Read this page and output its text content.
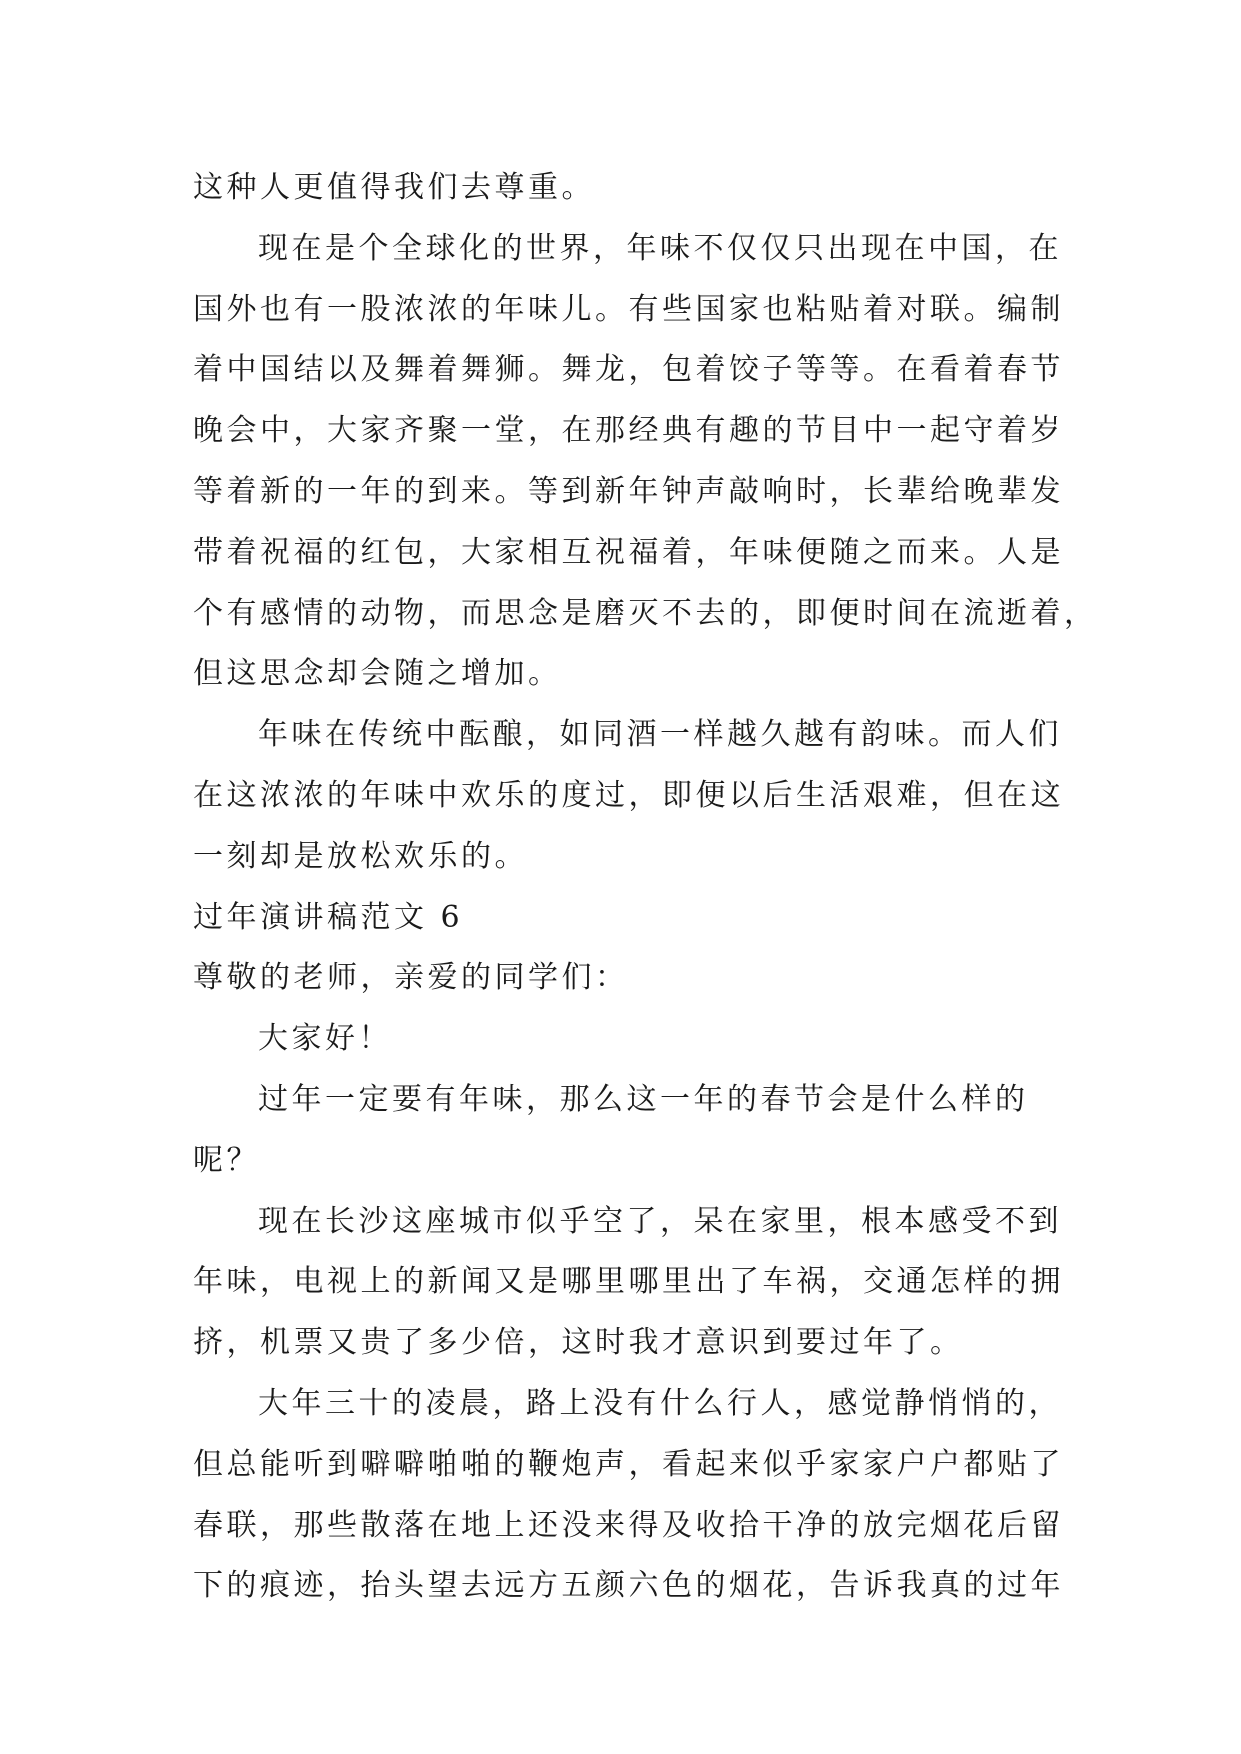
这种人更值得我们去尊重。

现在是个全球化的世界，年味不仅仅只出现在中国，在
国外也有一股浓浓的年味儿。有些国家也粘贴着对联。编制
着中国结以及舞着舞狮。舞龙，包着饺子等等。在看着春节
晚会中，大家齐聚一堂，在那经典有趣的节目中一起守着岁
等着新的一年的到来。等到新年钟声敲响时，长辈给晚辈发
带着祝福的红包，大家相互祝福着，年味便随之而来。人是
个有感情的动物，而思念是磨灭不去的，即便时间在流逝着，
但这思念却会随之增加。

年味在传统中酝酿，如同酒一样越久越有韵味。而人们
在这浓浓的年味中欢乐的度过，即便以后生活艰难，但在这
一刻却是放松欢乐的。

过年演讲稿范文 6

尊敬的老师，亲爱的同学们：

大家好！

过年一定要有年味，那么这一年的春节会是什么样的
呢？

现在长沙这座城市似乎空了，呆在家里，根本感受不到
年味，电视上的新闻又是哪里哪里出了车祸，交通怎样的拥
挤，机票又贵了多少倍，这时我才意识到要过年了。

大年三十的凌晨，路上没有什么行人，感觉静悄悄的，
但总能听到噼噼啪啪的鞭炮声，看起来似乎家家户户都贴了
春联，那些散落在地上还没来得及收拾干净的放完烟花后留
下的痕迹，抬头望去远方五颜六色的烟花，告诉我真的过年
